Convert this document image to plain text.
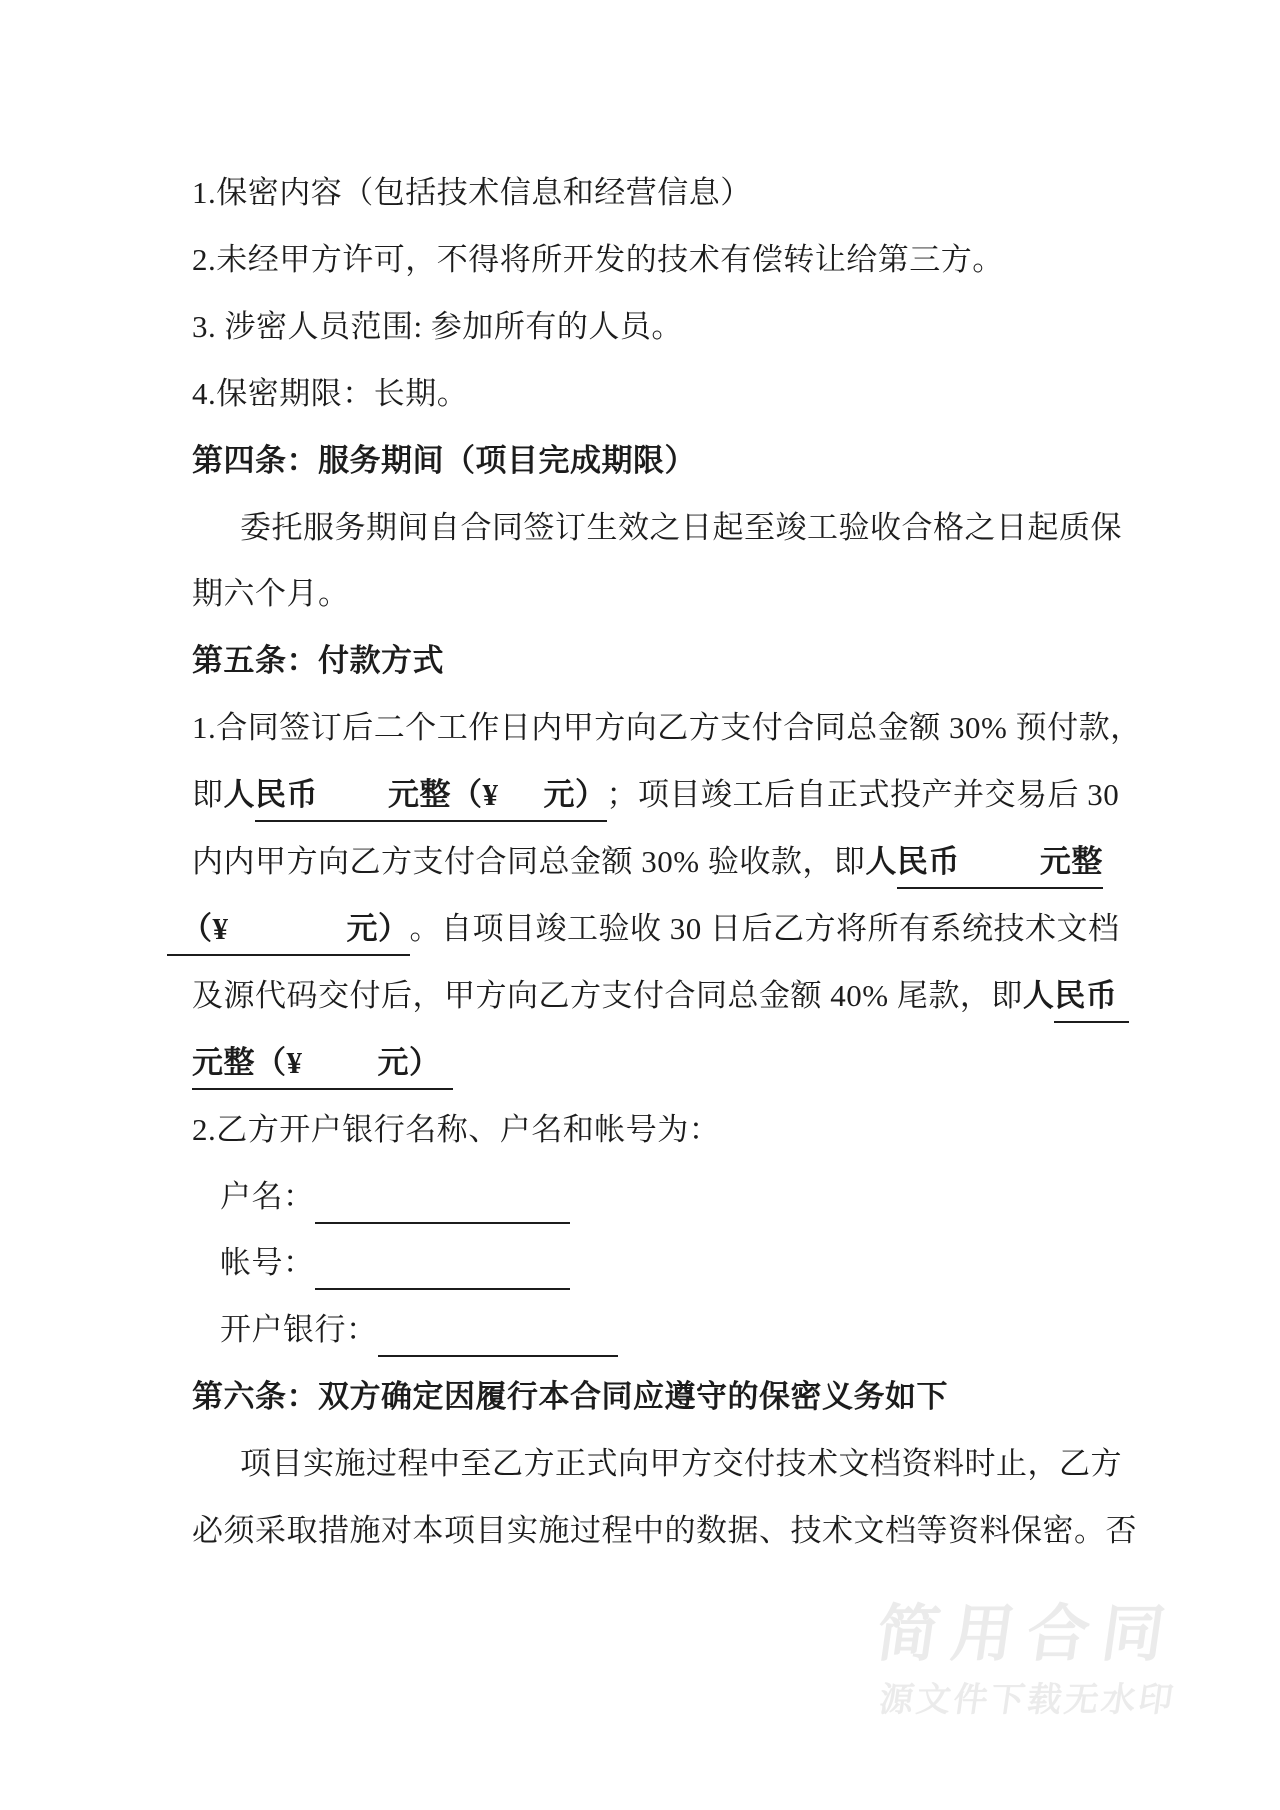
简用合同
源文件下载无水印
1.保密内容（包括技术信息和经营信息）
2.未经甲方许可，不得将所开发的技术有偿转让给第三方。
3. 涉密人员范围: 参加所有的人员。
4.保密期限：长期。
第四条：服务期间（项目完成期限）
委托服务期间自合同签订生效之日起至竣工验收合格之日起质保
期六个月。
第五条：付款方式
1.合同签订后二个工作日内甲方向乙方支付合同总金额 30% 预付款，
即人民币 元整（¥ 元）；项目竣工后自正式投产并交易后 30
内内甲方向乙方支付合同总金额 30% 验收款，即人民币	元整
（¥	元）。自项目竣工验收 30 日后乙方将所有系统技术文档
及源代码交付后，甲方向乙方支付合同总金额 40% 尾款，即人民币
元整（¥ 元）
2.乙方开户银行名称、户名和帐号为：
户名：
帐号：
开户银行：
第六条：双方确定因履行本合同应遵守的保密义务如下
项目实施过程中至乙方正式向甲方交付技术文档资料时止，乙方
必须采取措施对本项目实施过程中的数据、技术文档等资料保密。否
